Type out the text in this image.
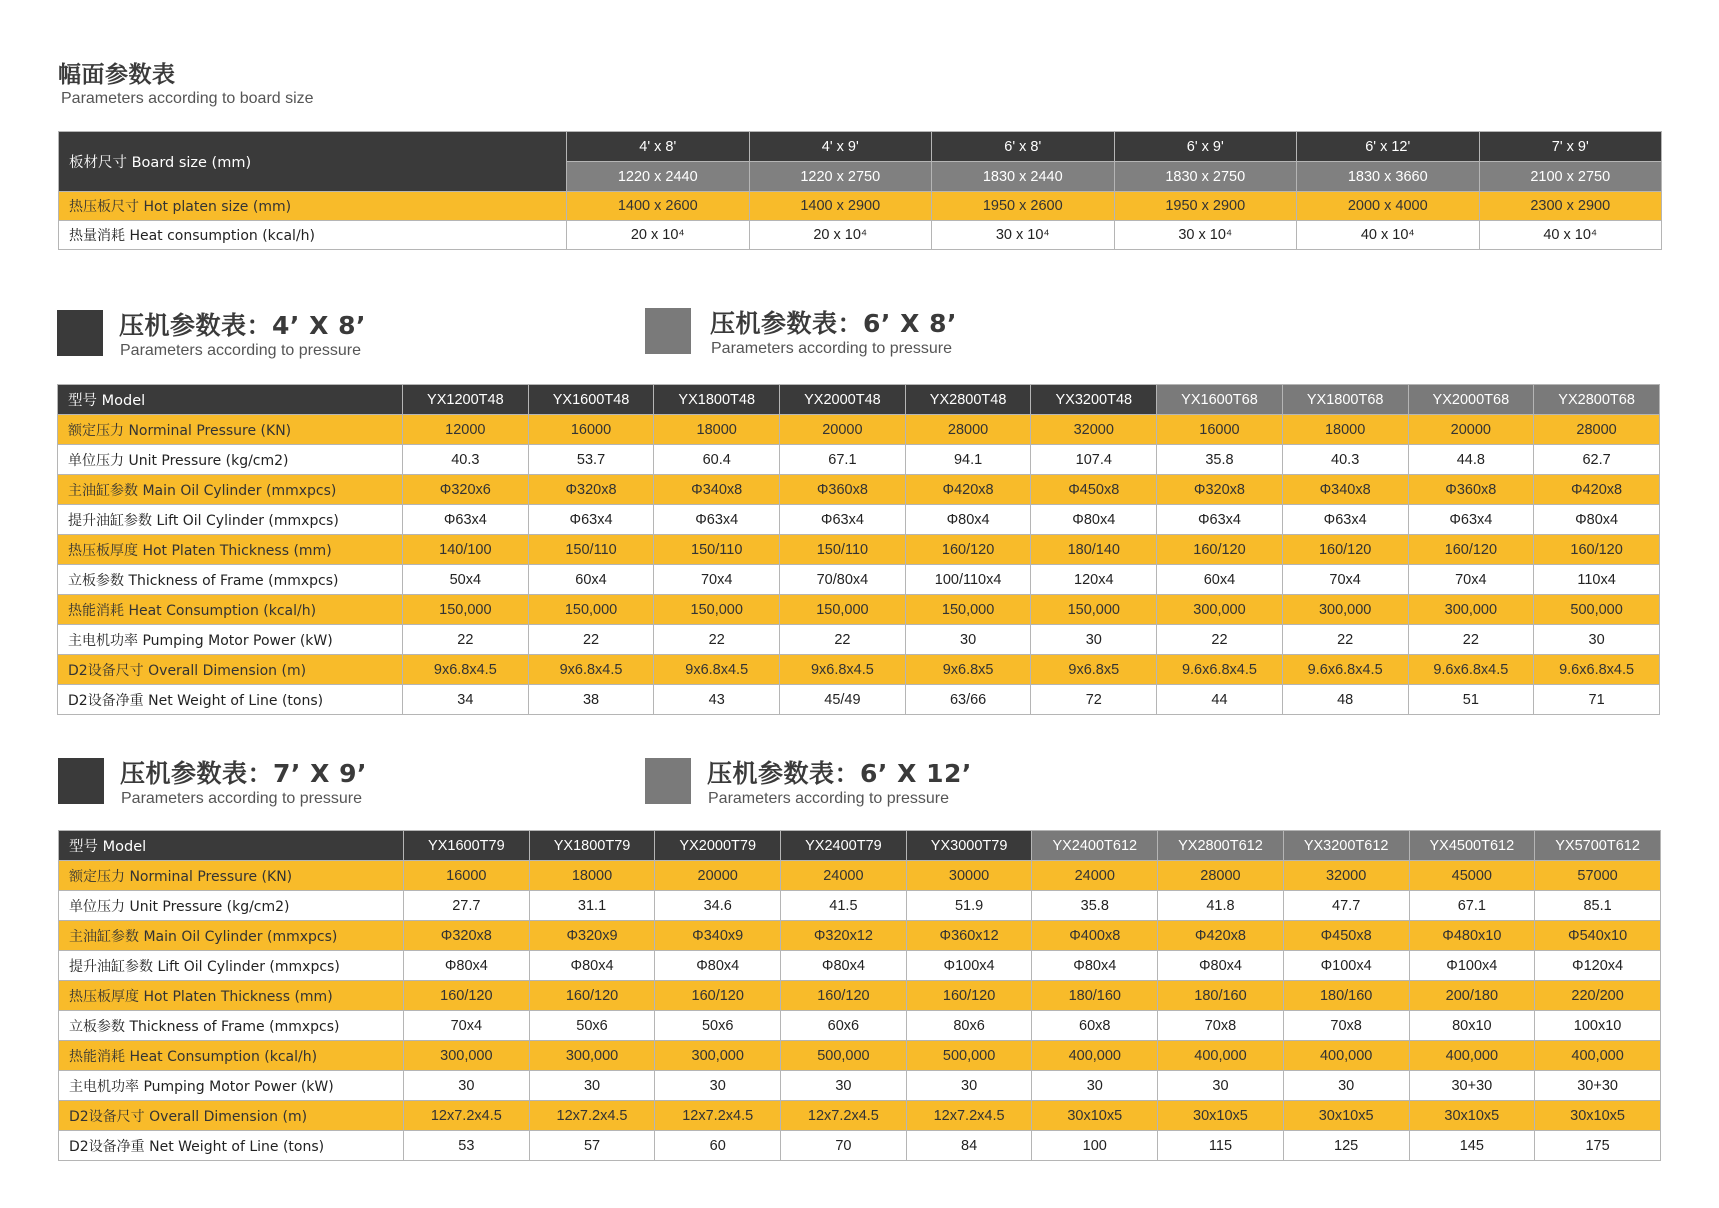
幅面参数表
Parameters according to board size
板材尺寸 Board size (mm)	4' x 8'	4' x 9'	6' x 8'	6' x 9'	6' x 12'	7' x 9'
	1220 x 2440	1220 x 2750	1830 x 2440	1830 x 2750	1830 x 3660	2100 x 2750
热压板尺寸 Hot platen size (mm)	1400 x 2600	1400 x 2900	1950 x 2600	1950 x 2900	2000 x 4000	2300 x 2900
热量消耗 Heat consumption (kcal/h)	20 x 10⁴	20 x 10⁴	30 x 10⁴	30 x 10⁴	40 x 10⁴	40 x 10⁴
压机参数表：4’ X 8’
Parameters according to pressure
压机参数表：6’ X 8’
Parameters according to pressure
型号 Model	YX1200T48	YX1600T48	YX1800T48	YX2000T48	YX2800T48	YX3200T48	YX1600T68	YX1800T68	YX2000T68	YX2800T68
额定压力 Norminal Pressure (KN)	12000	16000	18000	20000	28000	32000	16000	18000	20000	28000
单位压力 Unit Pressure (kg/cm2)	40.3	53.7	60.4	67.1	94.1	107.4	35.8	40.3	44.8	62.7
主油缸参数 Main Oil Cylinder (mmxpcs)	Φ320x6	Φ320x8	Φ340x8	Φ360x8	Φ420x8	Φ450x8	Φ320x8	Φ340x8	Φ360x8	Φ420x8
提升油缸参数 Lift Oil Cylinder (mmxpcs)	Φ63x4	Φ63x4	Φ63x4	Φ63x4	Φ80x4	Φ80x4	Φ63x4	Φ63x4	Φ63x4	Φ80x4
热压板厚度 Hot Platen Thickness (mm)	140/100	150/110	150/110	150/110	160/120	180/140	160/120	160/120	160/120	160/120
立板参数 Thickness of Frame (mmxpcs)	50x4	60x4	70x4	70/80x4	100/110x4	120x4	60x4	70x4	70x4	110x4
热能消耗 Heat Consumption (kcal/h)	150,000	150,000	150,000	150,000	150,000	150,000	300,000	300,000	300,000	500,000
主电机功率 Pumping Motor Power (kW)	22	22	22	22	30	30	22	22	22	30
D2设备尺寸 Overall Dimension (m)	9x6.8x4.5	9x6.8x4.5	9x6.8x4.5	9x6.8x4.5	9x6.8x5	9x6.8x5	9.6x6.8x4.5	9.6x6.8x4.5	9.6x6.8x4.5	9.6x6.8x4.5
D2设备净重 Net Weight of Line (tons)	34	38	43	45/49	63/66	72	44	48	51	71
压机参数表：7’ X 9’
Parameters according to pressure
压机参数表：6’ X 12’
Parameters according to pressure
型号 Model	YX1600T79	YX1800T79	YX2000T79	YX2400T79	YX3000T79	YX2400T612	YX2800T612	YX3200T612	YX4500T612	YX5700T612
额定压力 Norminal Pressure (KN)	16000	18000	20000	24000	30000	24000	28000	32000	45000	57000
单位压力 Unit Pressure (kg/cm2)	27.7	31.1	34.6	41.5	51.9	35.8	41.8	47.7	67.1	85.1
主油缸参数 Main Oil Cylinder (mmxpcs)	Φ320x8	Φ320x9	Φ340x9	Φ320x12	Φ360x12	Φ400x8	Φ420x8	Φ450x8	Φ480x10	Φ540x10
提升油缸参数 Lift Oil Cylinder (mmxpcs)	Φ80x4	Φ80x4	Φ80x4	Φ80x4	Φ100x4	Φ80x4	Φ80x4	Φ100x4	Φ100x4	Φ120x4
热压板厚度 Hot Platen Thickness (mm)	160/120	160/120	160/120	160/120	160/120	180/160	180/160	180/160	200/180	220/200
立板参数 Thickness of Frame (mmxpcs)	70x4	50x6	50x6	60x6	80x6	60x8	70x8	70x8	80x10	100x10
热能消耗 Heat Consumption (kcal/h)	300,000	300,000	300,000	500,000	500,000	400,000	400,000	400,000	400,000	400,000
主电机功率 Pumping Motor Power (kW)	30	30	30	30	30	30	30	30	30+30	30+30
D2设备尺寸 Overall Dimension (m)	12x7.2x4.5	12x7.2x4.5	12x7.2x4.5	12x7.2x4.5	12x7.2x4.5	30x10x5	30x10x5	30x10x5	30x10x5	30x10x5
D2设备净重 Net Weight of Line (tons)	53	57	60	70	84	100	115	125	145	175
